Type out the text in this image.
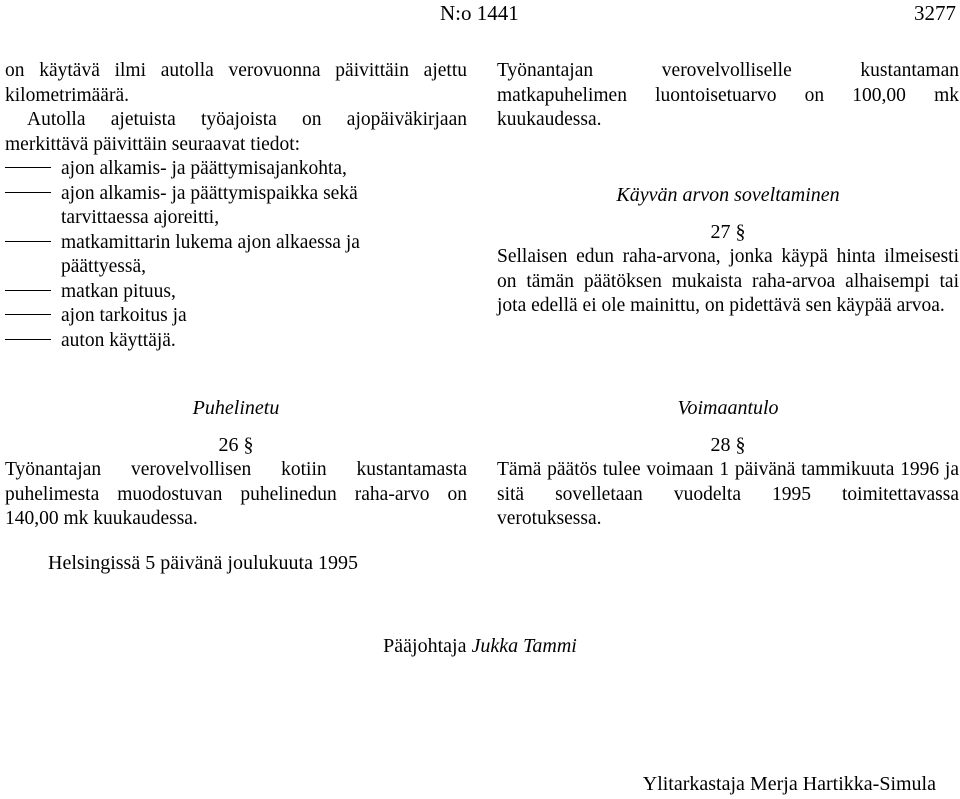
N:o 1441	3277

on käytävä ilmi autolla verovuonna päivittäin ajettu kilometrimäärä.

Autolla ajetuista työajoista on ajopäiväkirjaan merkittävä päivittäin seuraavat tiedot:

ajon alkamis- ja päättymisajankohta,
ajon alkamis- ja päättymispaikka sekä
tarvittaessa ajoreitti,
matkamittarin lukema ajon alkaessa ja
päättyessä,
matkan pituus,
ajon tarkoitus ja
auton käyttäjä.

Työnantajan verovelvolliselle kustantaman matkapuhelimen luontoisetuarvo on 100,00 mk kuukaudessa.

Käyvän arvon soveltaminen
27 §

Sellaisen edun raha-arvona, jonka käypä hinta ilmeisesti on tämän päätöksen mukaista raha-arvoa alhaisempi tai jota edellä ei ole mainittu, on pidettävä sen käypää arvoa.

Puhelinetu
26 §

Työnantajan verovelvollisen kotiin kustantamasta puhelimesta muodostuvan puhelinedun raha-arvo on 140,00 mk kuukaudessa.

Voimaantulo
28 §

Tämä päätös tulee voimaan 1 päivänä tammikuuta 1996 ja sitä sovelletaan vuodelta 1995 toimitettavassa verotuksessa.

Helsingissä 5 päivänä joulukuuta 1995
Pääjohtaja Jukka Tammi
Ylitarkastaja Merja Hartikka-Simula
